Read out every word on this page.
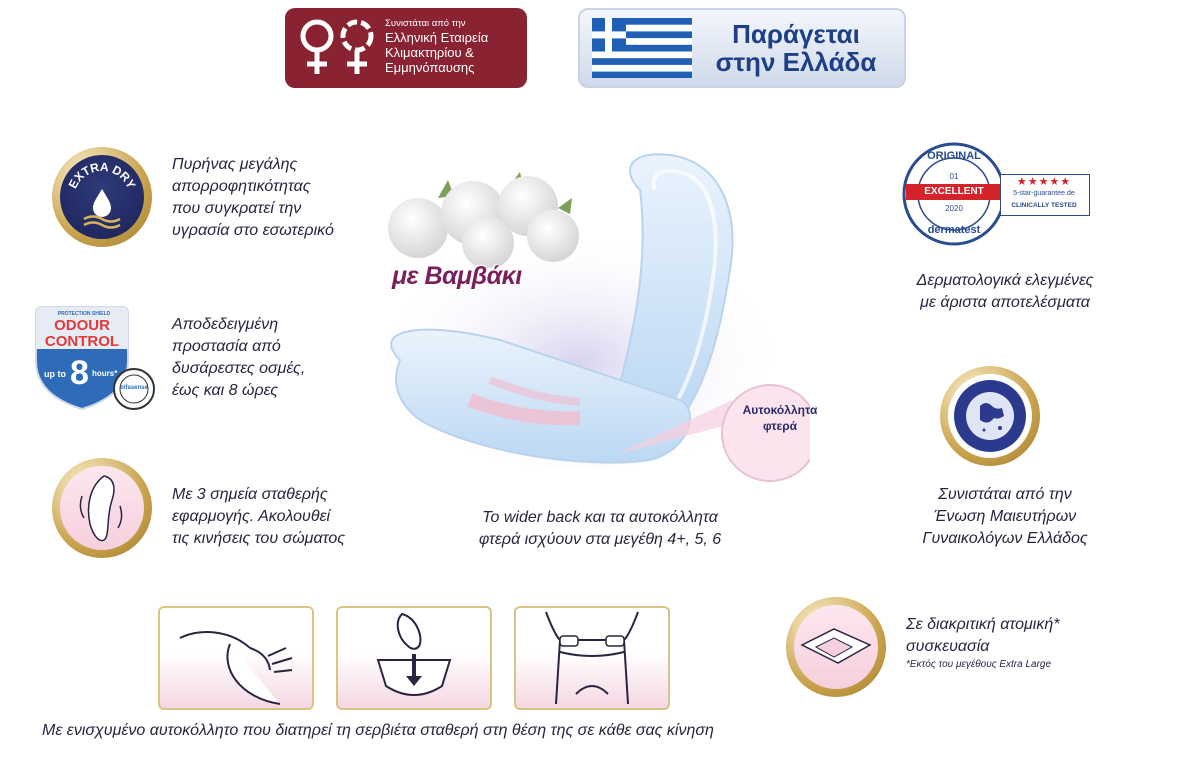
Συνιστάται από την
Ελληνική Εταιρεία
Κλιμακτηρίου &
Εμμηνόπαυσης
Παράγεται
στην Ελλάδα
EXTRA DRY
Πυρήνας μεγάλης
απορροφητικότητας
που συγκρατεί την
υγρασία στο εσωτερικό
PROTECTION SHIELD
ODOUR
CONTROL
up to 8 hours*
olfasense
Αποδεδειγμένη
προστασία από
δυσάρεστες οσμές,
έως και 8 ώρες
Με 3 σημεία σταθερής
εφαρμογής. Ακολουθεί
τις κινήσεις του σώματος
Αυτοκόλλητα
φτερά
με Βαμβάκι
Το wider back και τα αυτοκόλλητα
φτερά ισχύουν στα μεγέθη 4+, 5, 6
ORIGINAL
01
EXCELLENT
2020
dermatest
★★★★★
5-star-guarantee.de
CLINICALLY TESTED
Δερματολογικά ελεγμένες
με άριστα αποτελέσματα
Συνιστάται από την
Ένωση Μαιευτήρων
Γυναικολόγων Ελλάδος
Σε διακριτική ατομική*
συσκευασία
*Εκτός του μεγέθους Extra Large
Με ενισχυμένο αυτοκόλλητο που διατηρεί τη σερβιέτα σταθερή στη θέση της σε κάθε σας κίνηση
